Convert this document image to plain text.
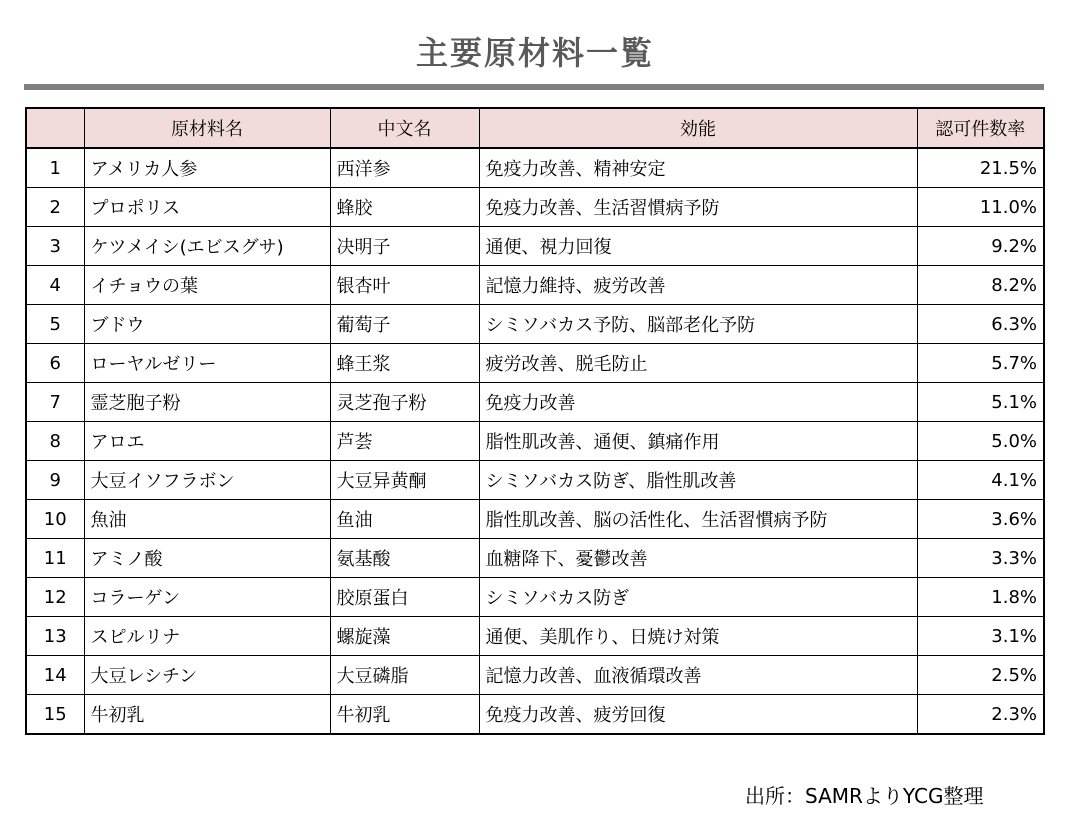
主要原材料一覧
	原材料名	中文名	効能	認可件数率
1	アメリカ人参	西洋参	免疫力改善、精神安定	21.5%
2	プロポリス	蜂胶	免疫力改善、生活習慣病予防	11.0%
3	ケツメイシ(エビスグサ)	决明子	通便、視力回復	9.2%
4	イチョウの葉	银杏叶	記憶力維持、疲労改善	8.2%
5	ブドウ	葡萄子	シミソバカス予防、脳部老化予防	6.3%
6	ローヤルゼリー	蜂王浆	疲労改善、脱毛防止	5.7%
7	霊芝胞子粉	灵芝孢子粉	免疫力改善	5.1%
8	アロエ	芦荟	脂性肌改善、通便、鎮痛作用	5.0%
9	大豆イソフラボン	大豆异黄酮	シミソバカス防ぎ、脂性肌改善	4.1%
10	魚油	鱼油	脂性肌改善、脳の活性化、生活習慣病予防	3.6%
11	アミノ酸	氨基酸	血糖降下、憂鬱改善	3.3%
12	コラーゲン	胶原蛋白	シミソバカス防ぎ	1.8%
13	スピルリナ	螺旋藻	通便、美肌作り、日焼け対策	3.1%
14	大豆レシチン	大豆磷脂	記憶力改善、血液循環改善	2.5%
15	牛初乳	牛初乳	免疫力改善、疲労回復	2.3%
出所：SAMRよりYCG整理
